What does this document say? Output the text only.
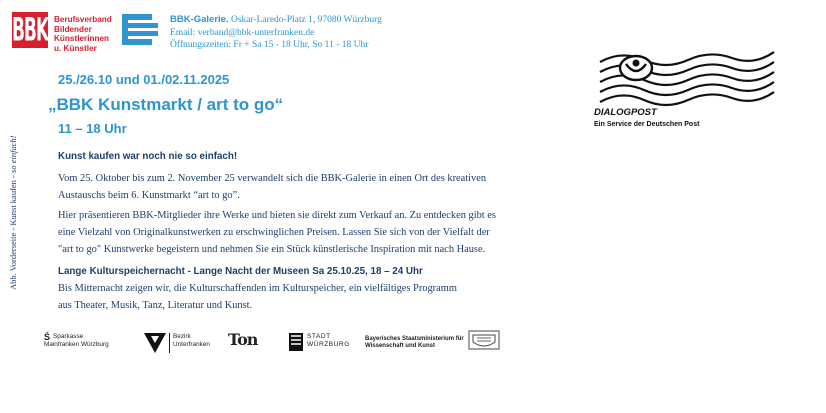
BBK Berufsverband
Bildender
Künstlerinnen
u. Künstler
BBK-Galerie. Oskar-Laredo-Platz 1, 97080 Würzburg
Email: verband@bbk-unterfranken.de
Öffnungszeiten: Fr + Sa 15 - 18 Uhr, So 11 - 18 Uhr
25./26.10 und 01./02.11.2025
„BBK Kunstmarkt / art to go“
11 – 18 Uhr
Abb. Vorderseite - Kunst kaufen - so einfach!	Kunst kaufen war noch nie so einfach!
Vom 25. Oktober bis zum 2. November 25 verwandelt sich die BBK-Galerie in einen Ort des kreativen
Austauschs beim 6. Kunstmarkt “art to go”.
Hier präsentieren BBK-Mitglieder ihre Werke und bieten sie direkt zum Verkauf an. Zu entdecken gibt es
eine Vielzahl von Originalkunstwerken zu erschwinglichen Preisen. Lassen Sie sich von der Vielfalt der
"art to go" Kunstwerke begeistern und nehmen Sie ein Stück künstlerische Inspiration mit nach Hause.
Lange Kulturspeichernacht - Lange Nacht der Museen Sa 25.10.25, 18 – 24 Uhr
Bis Mitternacht zeigen wir, die Kulturschaffenden im Kulturspeicher, ein vielfältiges Programm
aus Theater, Musik, Tanz, Literatur und Kunst.
DIALOGPOST
Ein Service der Deutschen Post
Ś Sparkasse
Mainfranken Würzburg
Bezirk
Unterfranken Ton	STADT
WÜRZBURG
Bayerisches Staatsministerium für
Wissenschaft und Kunst
